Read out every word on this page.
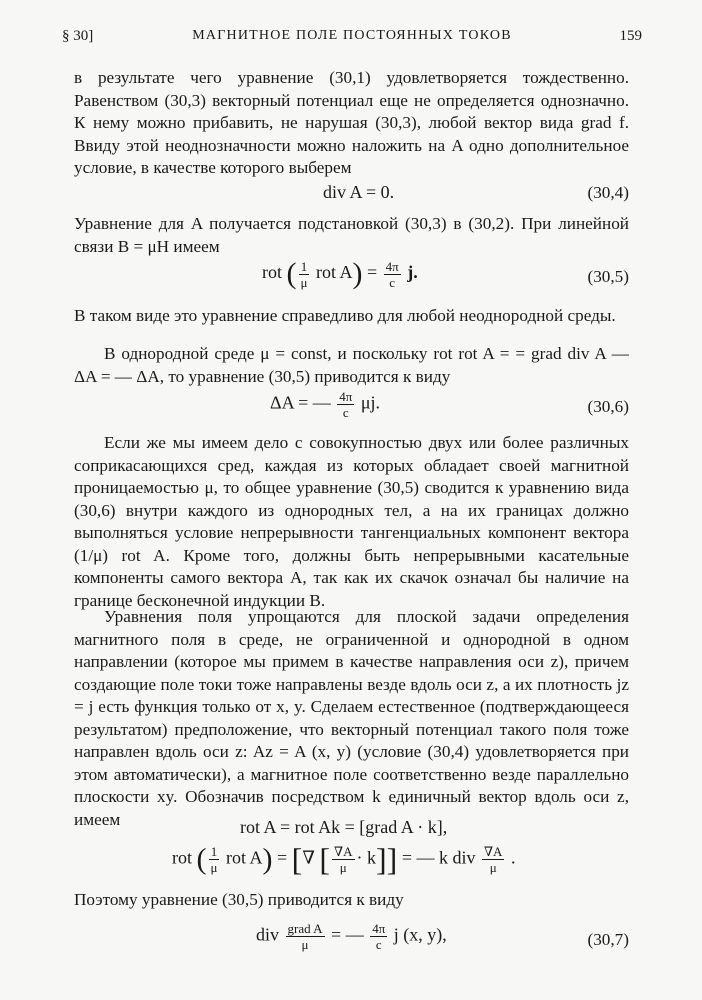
§ 30]	МАГНИТНОЕ ПОЛЕ ПОСТОЯННЫХ ТОКОВ	159
в результате чего уравнение (30,1) удовлетворяется тождественно. Равенством (30,3) векторный потенциал еще не определяется однозначно. К нему можно прибавить, не нарушая (30,3), любой вектор вида grad f. Ввиду этой неоднозначности можно наложить на A одно дополнительное условие, в качестве которого выберем
div A = 0.	(30,4)
Уравнение для A получается подстановкой (30,3) в (30,2). При линейной связи B = μH имеем
rot ( $\frac{1}{\mu}$ rot $A) = \frac{4\pi}{c} j$.	(30,5)
В таком виде это уравнение справедливо для любой неоднородной среды.
В однородной среде μ = const, и поскольку rot rot A = = grad div A — ΔA = — ΔA, то уравнение (30,5) приводится к виду
ΔA = — $\frac{4\pi}{c} \mu j$.	(30,6)
Если же мы имеем дело с совокупностью двух или более различных соприкасающихся сред, каждая из которых обладает своей магнитной проницаемостью μ, то общее уравнение (30,5) сводится к уравнению вида (30,6) внутри каждого из однородных тел, а на их границах должно выполняться условие непрерывности тангенциальных компонент вектора (1/μ) rot A. Кроме того, должны быть непрерывными касательные компоненты самого вектора A, так как их скачок означал бы наличие на границе бесконечной индукции B.
Уравнения поля упрощаются для плоской задачи определения магнитного поля в среде, не ограниченной и однородной в одном направлении (которое мы примем в качестве направления оси z), причем создающие поле токи тоже направлены везде вдоль оси z, а их плотность jz = j есть функция только от x, y. Сделаем естественное (подтверждающееся результатом) предположение, что векторный потенциал такого поля тоже направлен вдоль оси z: Az = A (x, y) (условие (30,4) удовлетворяется при этом автоматически), а магнитное поле соответственно везде параллельно плоскости xy. Обозначив посредством k единичный вектор вдоль оси z, имеем	rot A = rot Ak = [grad A · k],
rot ( $\frac{1}{\mu}$ rot A) = [∇ [ $\frac{\nabla A}{\mu} \cdot k$]] = — k div $\frac{\nabla A}{\mu}$ .
Поэтому уравнение (30,5) приводится к виду
div $\frac{\text{grad A}}{\mu}$ = — $\frac{4\pi}{c}$ j (x, y),	(30,7)
